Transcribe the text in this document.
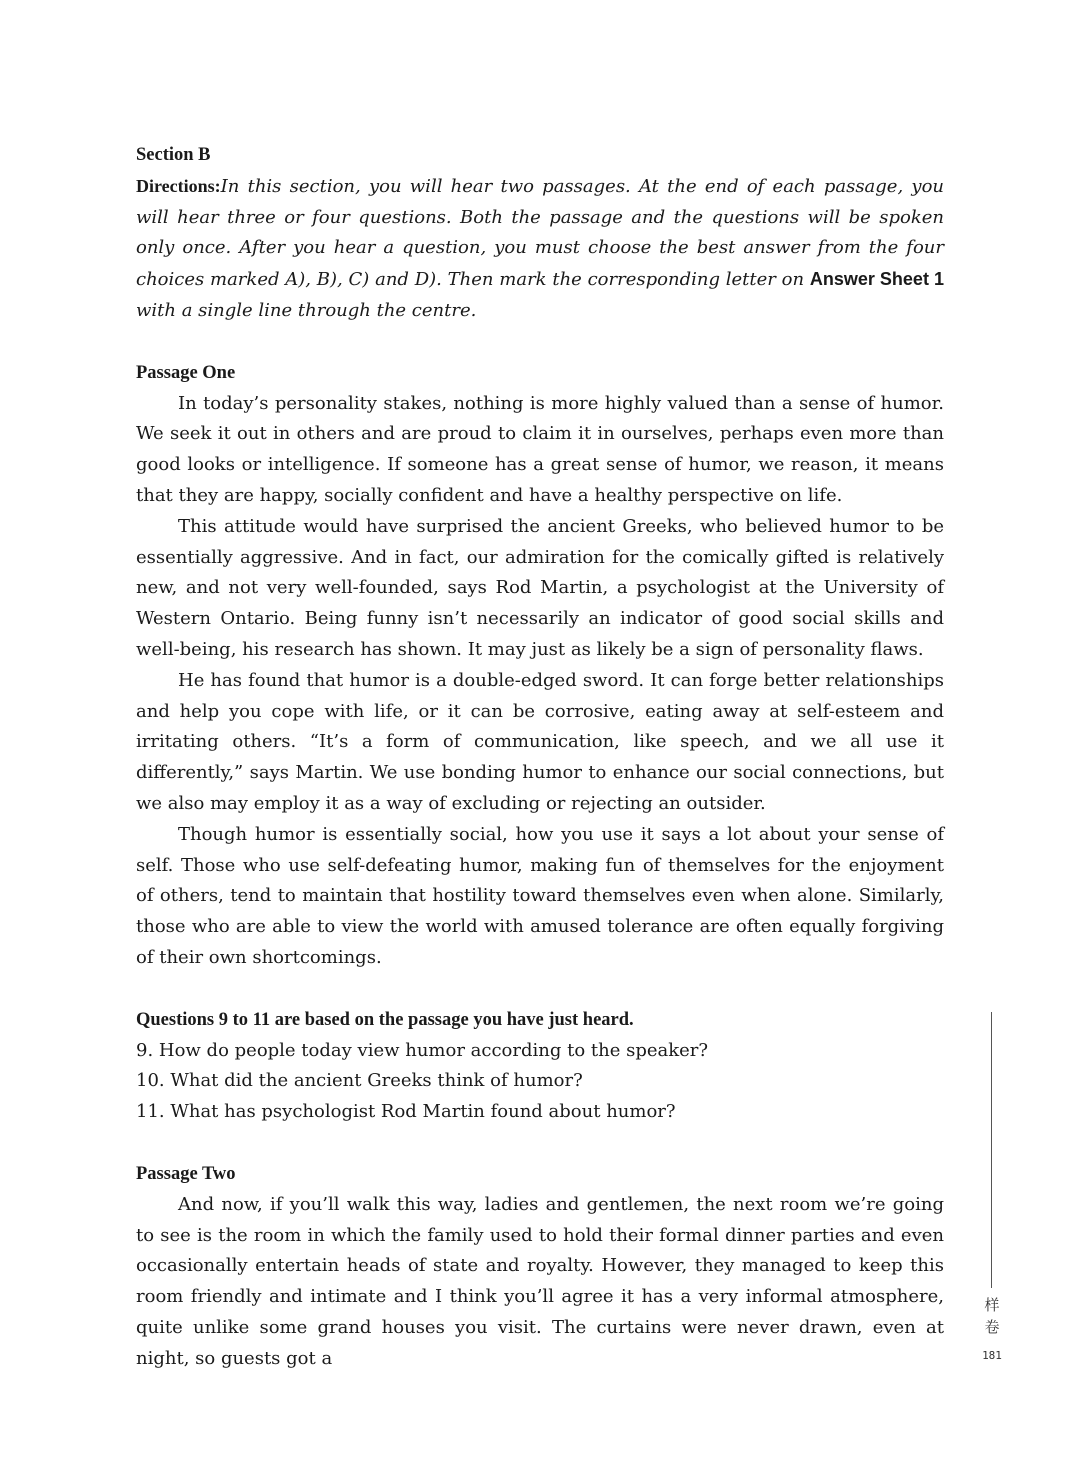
Section B

Directions:In this section, you will hear two passages. At the end of each passage, you will hear three or four questions. Both the passage and the questions will be spoken only once. After you hear a question, you must choose the best answer from the four choices marked A), B), C) and D). Then mark the corresponding letter on Answer Sheet 1 with a single line through the centre.

Passage One

In today’s personality stakes, nothing is more highly valued than a sense of humor. We seek it out in others and are proud to claim it in ourselves, perhaps even more than good looks or intelligence. If someone has a great sense of humor, we reason, it means that they are happy, socially confident and have a healthy perspective on life.

This attitude would have surprised the ancient Greeks, who believed humor to be essentially aggressive. And in fact, our admiration for the comically gifted is relatively new, and not very well-founded, says Rod Martin, a psychologist at the University of Western Ontario. Being funny isn’t necessarily an indicator of good social skills and well-being, his research has shown. It may just as likely be a sign of personality flaws.

He has found that humor is a double-edged sword. It can forge better relationships and help you cope with life, or it can be corrosive, eating away at self-esteem and irritating others. “It’s a form of communication, like speech, and we all use it differently,” says Martin. We use bonding humor to enhance our social connections, but we also may employ it as a way of excluding or rejecting an outsider.

Though humor is essentially social, how you use it says a lot about your sense of self. Those who use self-defeating humor, making fun of themselves for the enjoyment of others, tend to maintain that hostility toward themselves even when alone. Similarly, those who are able to view the world with amused tolerance are often equally forgiving of their own shortcomings.

Questions 9 to 11 are based on the passage you have just heard.

9. How do people today view humor according to the speaker?

10. What did the ancient Greeks think of humor?

11. What has psychologist Rod Martin found about humor?

Passage Two

And now, if you’ll walk this way, ladies and gentlemen, the next room we’re going to see is the room in which the family used to hold their formal dinner parties and even occasionally entertain heads of state and royalty. However, they managed to keep this room friendly and intimate and I think you’ll agree it has a very informal atmosphere, quite unlike some grand houses you visit. The curtains were never drawn, even at night, so guests got a

样
卷
181
